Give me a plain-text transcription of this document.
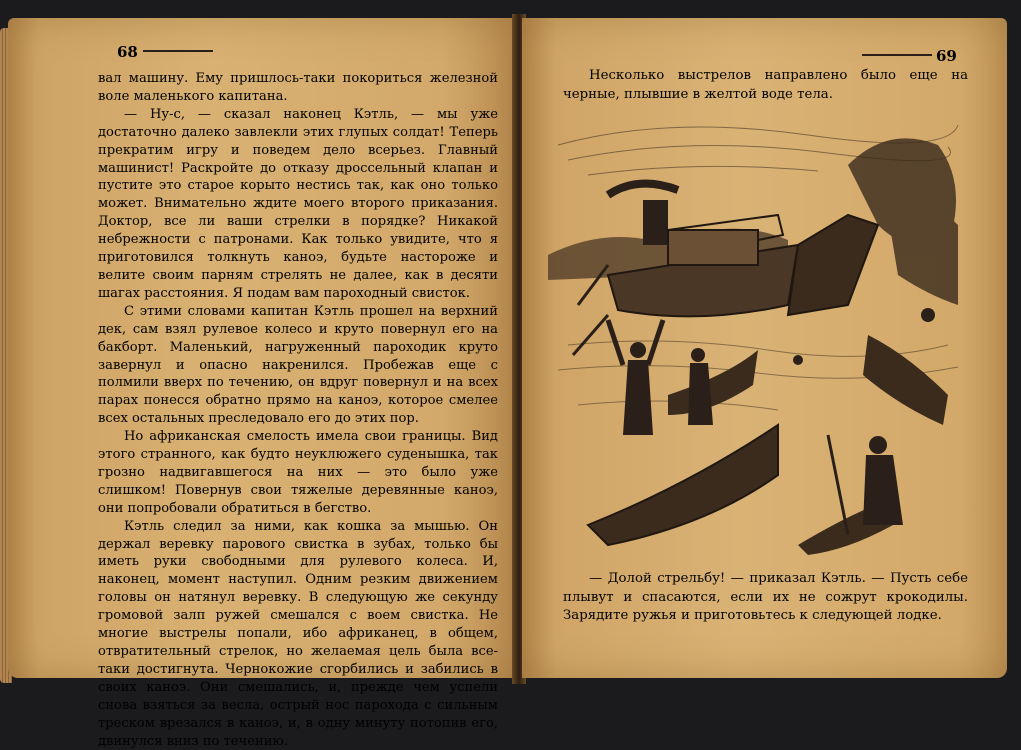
68

вал машину. Ему пришлось-таки покориться железной воле маленького капитана.

— Ну-с, — сказал наконец Кэтль, — мы уже достаточно далеко завлекли этих глупых солдат! Теперь прекратим игру и поведем дело всерьез. Главный машинист! Раскройте до отказу дроссельный клапан и пустите это старое корыто нестись так, как оно только может. Внимательно ждите моего второго приказания. Доктор, все ли ваши стрелки в порядке? Никакой небрежности с патронами. Как только увидите, что я приготовился толкнуть каноэ, будьте настороже и велите своим парням стрелять не далее, как в десяти шагах расстояния. Я подам вам пароходный свисток.

С этими словами капитан Кэтль прошел на верхний дек, сам взял рулевое колесо и круто повернул его на бакборт. Маленький, нагруженный пароходик круто завернул и опасно накренился. Пробежав еще с полмили вверх по течению, он вдруг повернул и на всех парах понесся обратно прямо на каноэ, которое смелее всех остальных преследовало его до этих пор.

Но африканская смелость имела свои границы. Вид этого странного, как будто неуклюжего суденышка, так грозно надвигавшегося на них — это было уже слишком! Повернув свои тяжелые деревянные каноэ, они попробовали обратиться в бегство.

Кэтль следил за ними, как кошка за мышью. Он держал веревку парового свистка в зубах, только бы иметь руки свободными для рулевого колеса. И, наконец, момент наступил. Одним резким движением головы он натянул веревку. В следующую же секунду громовой залп ружей смешался с воем свистка. Не многие выстрелы попали, ибо африканец, в общем, отвратительный стрелок, но желаемая цель была все-таки достигнута. Чернокожие сгорбились и забились в своих каноэ. Они смешались, и, прежде чем успели снова взяться за весла, острый нос парохода с сильным треском врезался в каноэ, и, в одну минуту потопив его, двинулся вниз по течению.

69
Несколько выстрелов направлено было еще на черные, плывшие в желтой воде тела.
— Долой стрельбу! — приказал Кэтль. — Пусть себе плывут и спасаются, если их не сожрут крокодилы. Зарядите ружья и приготовьтесь к следующей лодке.
